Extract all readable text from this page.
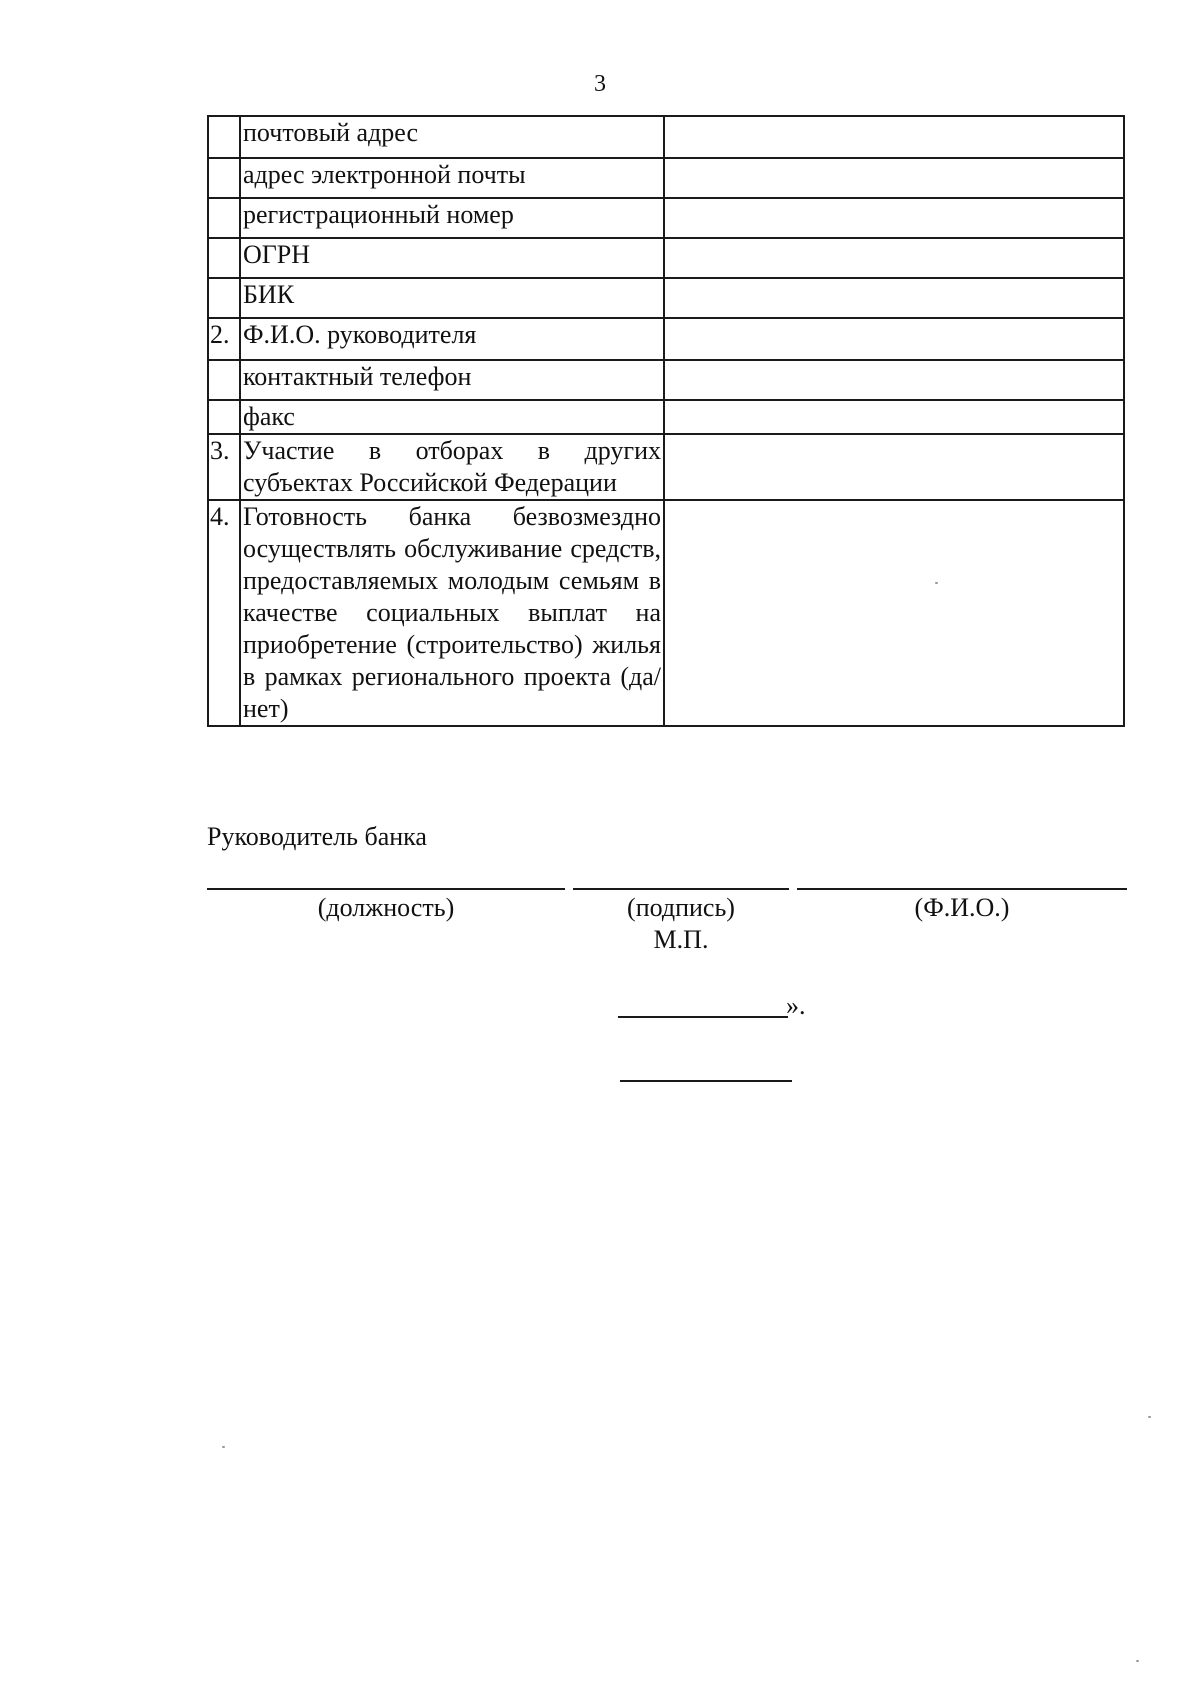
3
	почтовый адрес	
	адрес электронной почты	
	регистрационный номер	
	ОГРН	
	БИК	
2.	Ф.И.О. руководителя	
	контактный телефон	
	факс	
3.	Участие в отборах в других субъектах Российской Федерации	
4.	Готовность банка безвозмездно осуществлять обслуживание средств, предоставляемых молодым семьям в качестве социальных выплат на приобретение (строительство) жилья в рамках регионального проекта (да/нет)	
Руководитель банка
(должность)	(подпись)	(Ф.И.О.)
М.П.
».
